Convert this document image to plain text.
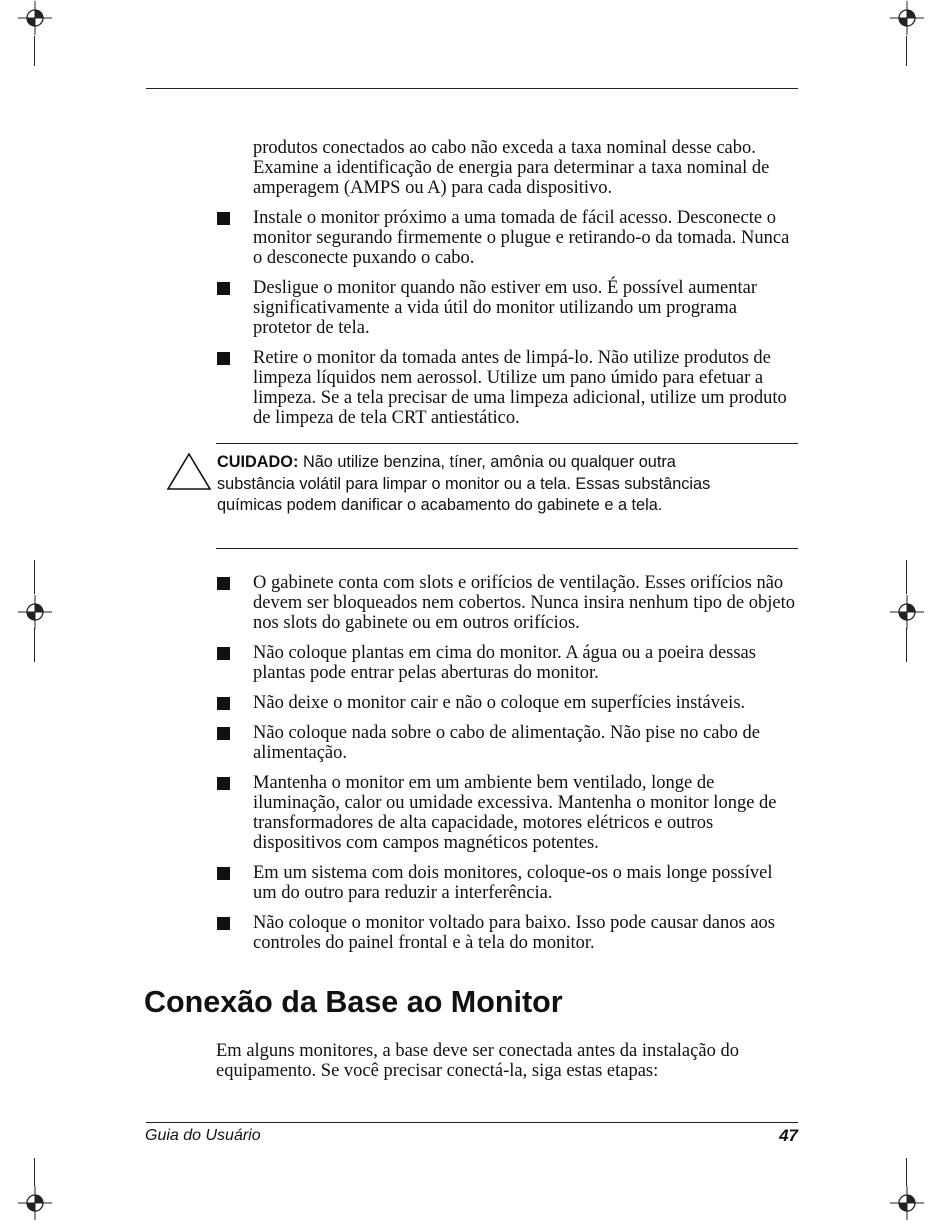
produtos conectados ao cabo não exceda a taxa nominal desse cabo. Examine a identificação de energia para determinar a taxa nominal de amperagem (AMPS ou A) para cada dispositivo.
Instale o monitor próximo a uma tomada de fácil acesso. Desconecte o monitor segurando firmemente o plugue e retirando-o da tomada. Nunca o desconecte puxando o cabo.
Desligue o monitor quando não estiver em uso. É possível aumentar significativamente a vida útil do monitor utilizando um programa protetor de tela.
Retire o monitor da tomada antes de limpá-lo. Não utilize produtos de limpeza líquidos nem aerossol. Utilize um pano úmido para efetuar a limpeza. Se a tela precisar de uma limpeza adicional, utilize um produto de limpeza de tela CRT antiestático.
CUIDADO: Não utilize benzina, tíner, amônia ou qualquer outra substância volátil para limpar o monitor ou a tela. Essas substâncias químicas podem danificar o acabamento do gabinete e a tela.
O gabinete conta com slots e orifícios de ventilação. Esses orifícios não devem ser bloqueados nem cobertos. Nunca insira nenhum tipo de objeto nos slots do gabinete ou em outros orifícios.
Não coloque plantas em cima do monitor. A água ou a poeira dessas plantas pode entrar pelas aberturas do monitor.
Não deixe o monitor cair e não o coloque em superfícies instáveis.
Não coloque nada sobre o cabo de alimentação. Não pise no cabo de alimentação.
Mantenha o monitor em um ambiente bem ventilado, longe de iluminação, calor ou umidade excessiva. Mantenha o monitor longe de transformadores de alta capacidade, motores elétricos e outros dispositivos com campos magnéticos potentes.
Em um sistema com dois monitores, coloque-os o mais longe possível um do outro para reduzir a interferência.
Não coloque o monitor voltado para baixo. Isso pode causar danos aos controles do painel frontal e à tela do monitor.
Conexão da Base ao Monitor
Em alguns monitores, a base deve ser conectada antes da instalação do equipamento. Se você precisar conectá-la, siga estas etapas:
Guia do Usuário	47
